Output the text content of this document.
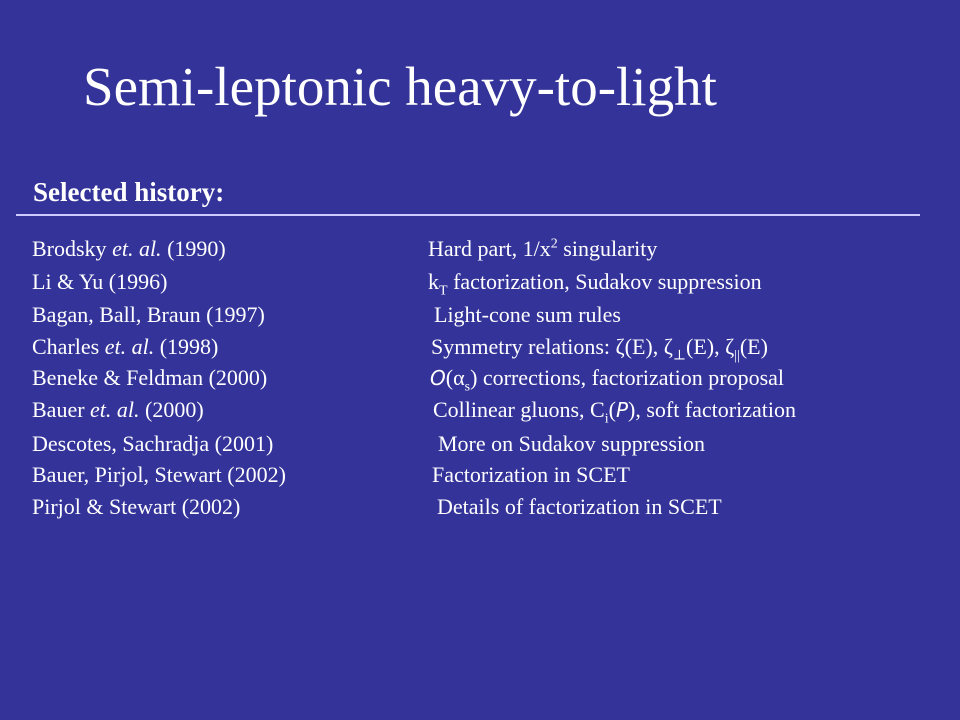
Semi-leptonic heavy-to-light
Selected history:
Brodsky et. al. (1990)	Hard part, $1/x^2$ singularity
Li & Yu (1996)	$k_T$ factorization, Sudakov suppression
Bagan, Ball, Braun (1997)	Light-cone sum rules
Charles et. al. (1998)	Symmetry relations: ζ(E), $\zeta_\perp(E)$, $\zeta_{||}(E)$
Beneke & Feldman (2000)	$O(\alpha_s)$ corrections, factorization proposal
Bauer et. al. (2000)	Collinear gluons, $C_i(P)$, soft factorization
Descotes, Sachradja (2001)	More on Sudakov suppression
Bauer, Pirjol, Stewart (2002)	Factorization in SCET
Pirjol & Stewart (2002)	Details of factorization in SCET
